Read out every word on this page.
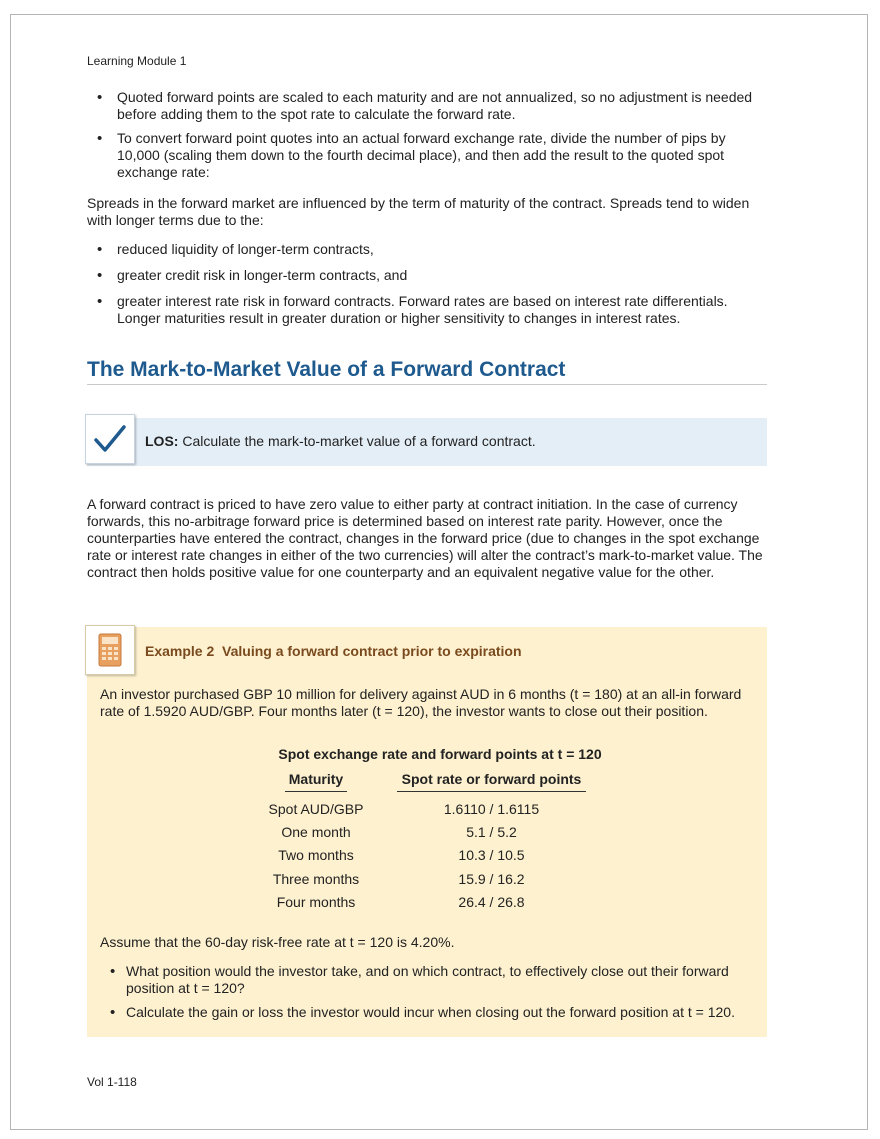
Learning Module 1
• Quoted forward points are scaled to each maturity and are not annualized, so no adjustment is needed before adding them to the spot rate to calculate the forward rate.
• To convert forward point quotes into an actual forward exchange rate, divide the number of pips by 10,000 (scaling them down to the fourth decimal place), and then add the result to the quoted spot exchange rate:

Spreads in the forward market are influenced by the term of maturity of the contract. Spreads tend to widen with longer terms due to the:

• reduced liquidity of longer-term contracts,
• greater credit risk in longer-term contracts, and
• greater interest rate risk in forward contracts. Forward rates are based on interest rate differentials. Longer maturities result in greater duration or higher sensitivity to changes in interest rates.
The Mark-to-Market Value of a Forward Contract
LOS: Calculate the mark-to-market value of a forward contract.

A forward contract is priced to have zero value to either party at contract initiation. In the case of currency forwards, this no-arbitrage forward price is determined based on interest rate parity. However, once the counterparties have entered the contract, changes in the forward price (due to changes in the spot exchange rate or interest rate changes in either of the two currencies) will alter the contract’s mark-to-market value. The contract then holds positive value for one counterparty and an equivalent negative value for the other.

Example 2  Valuing a forward contract prior to expiration

An investor purchased GBP 10 million for delivery against AUD in 6 months (t = 180) at an all-in forward rate of 1.5920 AUD/GBP. Four months later (t = 120), the investor wants to close out their position.

Spot exchange rate and forward points at t = 120
Maturity	Spot rate or forward points
Spot AUD/GBP	1.6110 / 1.6115
One month	5.1 / 5.2
Two months	10.3 / 10.5
Three months	15.9 / 16.2
Four months	26.4 / 26.8

Assume that the 60-day risk-free rate at t = 120 is 4.20%.

• What position would the investor take, and on which contract, to effectively close out their forward position at t = 120?
• Calculate the gain or loss the investor would incur when closing out the forward position at t = 120.
Vol 1-118
